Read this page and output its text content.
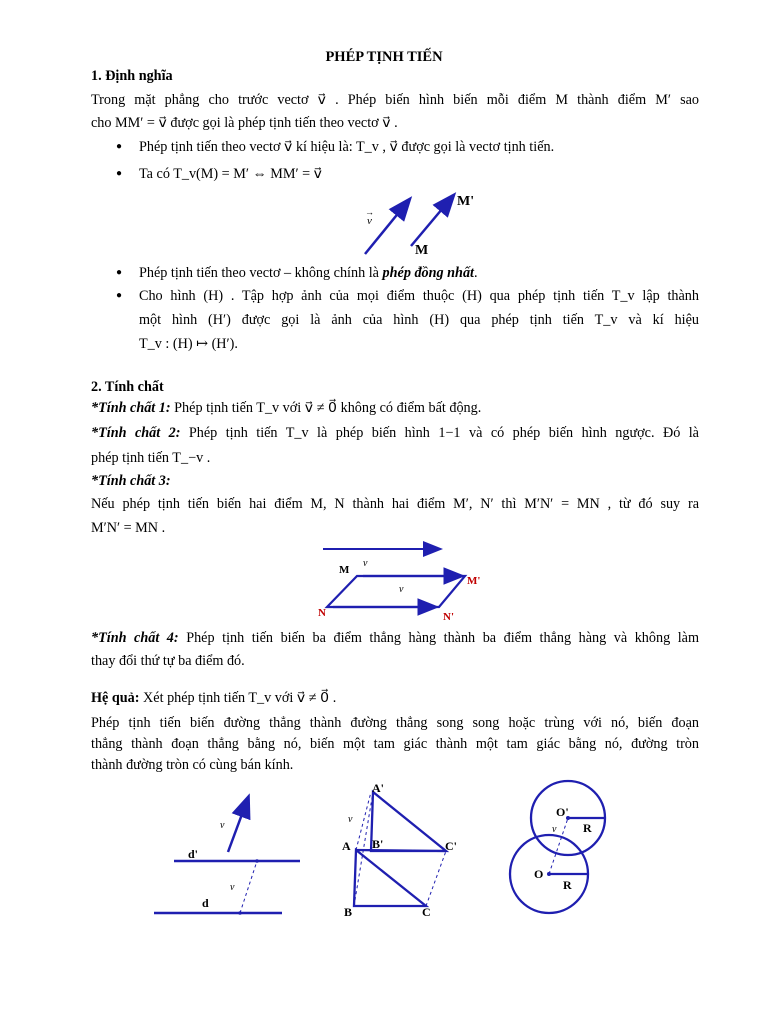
PHÉP TỊNH TIẾN
1. Định nghĩa
Trong mặt phẳng cho trước vectơ v⃗ . Phép biến hình biến mỗi điểm M thành điểm M′ sao
cho MM′ = v⃗ được gọi là phép tịnh tiến theo vectơ v⃗ .
● Phép tịnh tiến theo vectơ v⃗ kí hiệu là: T_v , v⃗ được gọi là vectơ tịnh tiến.
● Ta có T_v(M) = M′ ⇔ MM′ = v⃗
v
→
M'
M
● Phép tịnh tiến theo vectơ – không chính là phép đồng nhất.
● Cho hình (H) . Tập hợp ảnh của mọi điểm thuộc (H) qua phép tịnh tiến T_v lập thành
một hình (H′) được gọi là ảnh của hình (H) qua phép tịnh tiến T_v và kí hiệu
T_v : (H) ↦ (H′).
2. Tính chất
*Tính chất 1: Phép tịnh tiến T_v với v⃗ ≠ 0⃗ không có điểm bất động.
*Tính chất 2: Phép tịnh tiến T_v là phép biến hình 1−1 và có phép biến hình ngược. Đó là
phép tịnh tiến T_−v .
*Tính chất 3:
Nếu phép tịnh tiến biến hai điểm M, N thành hai điểm M′, N′ thì M′N′ = MN , từ đó suy ra
M′N′ = MN .
v
v
M
M'
N	N'
*Tính chất 4: Phép tịnh tiến biến ba điểm thẳng hàng thành ba điểm thẳng hàng và không làm
thay đổi thứ tự ba điểm đó.
Hệ quả: Xét phép tịnh tiến T_v với v⃗ ≠ 0⃗ .
Phép tịnh tiến biến đường thẳng thành đường thẳng song song hoặc trùng với nó, biến đoạn
thẳng thành đoạn thẳng bằng nó, biến một tam giác thành một tam giác bằng nó, đường tròn
thành đường tròn có cùng bán kính.
v
v
d'
d
A'
A B'	C'
B	C
v
O'
O
R
R
v
